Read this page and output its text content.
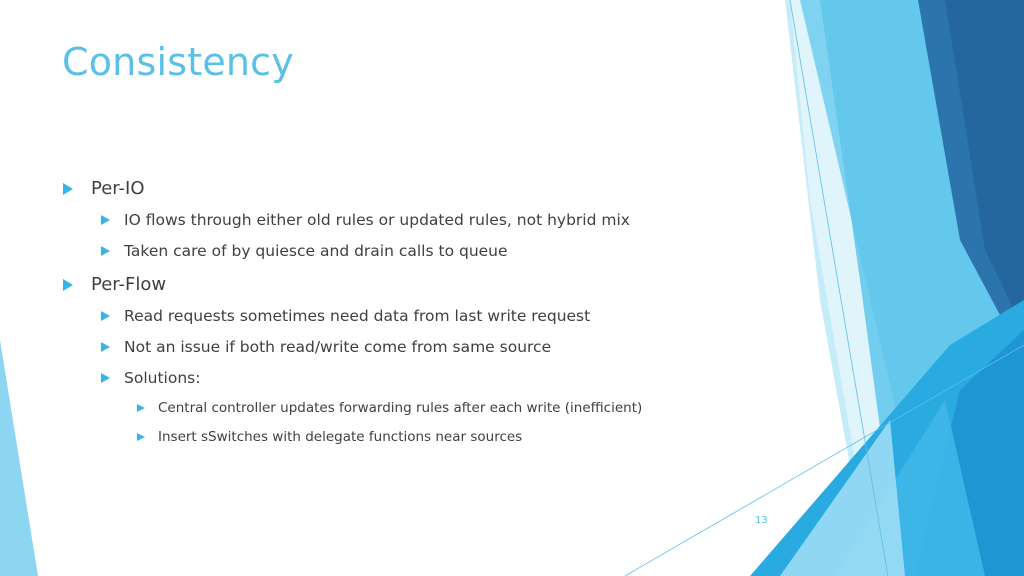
Consistency
Per-IO
IO flows through either old rules or updated rules, not hybrid mix
Taken care of by quiesce and drain calls to queue
Per-Flow
Read requests sometimes need data from last write request
Not an issue if both read/write come from same source
Solutions:
Central controller updates forwarding rules after each write (inefficient)
Insert sSwitches with delegate functions near sources
13
